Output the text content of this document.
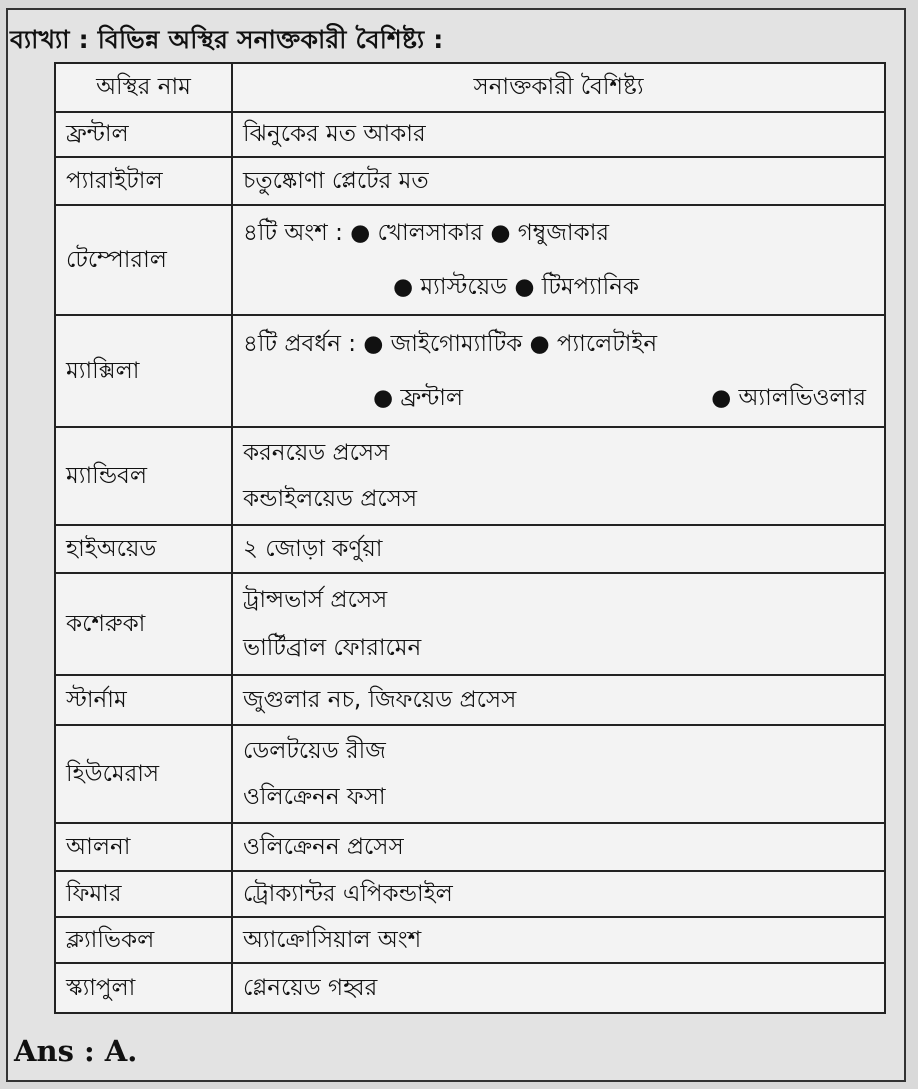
ব্যাখ্যা : বিভিন্ন অস্থির সনাক্তকারী বৈশিষ্ট্য :
অস্থির নাম	সনাক্তকারী বৈশিষ্ট্য
ফ্রন্টাল	ঝিনুকের মত আকার
প্যারাইটাল	চতুষ্কোণা প্লেটের মত
টেম্পোরাল	৪টি অংশ : ● খোলসাকার ● গম্বুজাকার
● ম্যাস্টয়েড ● টিমপ্যানিক

ম্যাক্সিলা	৪টি প্রবর্ধন : ● জাইগোম্যাটিক ● প্যালেটাইন
● ফ্রন্টাল ● অ্যালভিওলার

ম্যান্ডিবল	করনয়েড প্রসেস
কন্ডাইলয়েড প্রসেস

হাইঅয়েড	২ জোড়া কর্ণুয়া
কশেরুকা	ট্রান্সভার্স প্রসেস
ভার্টিব্রাল ফোরামেন

স্টার্নাম	জুগুলার নচ, জিফয়েড প্রসেস
হিউমেরাস	ডেলটয়েড রীজ
ওলিক্রেনন ফসা

আলনা	ওলিক্রেনন প্রসেস
ফিমার	ট্রোক্যান্টর এপিকন্ডাইল
ক্ল্যাভিকল	অ্যাক্রোসিয়াল অংশ
স্ক্যাপুলা	গ্লেনয়েড গহ্বর

Ans : A.
